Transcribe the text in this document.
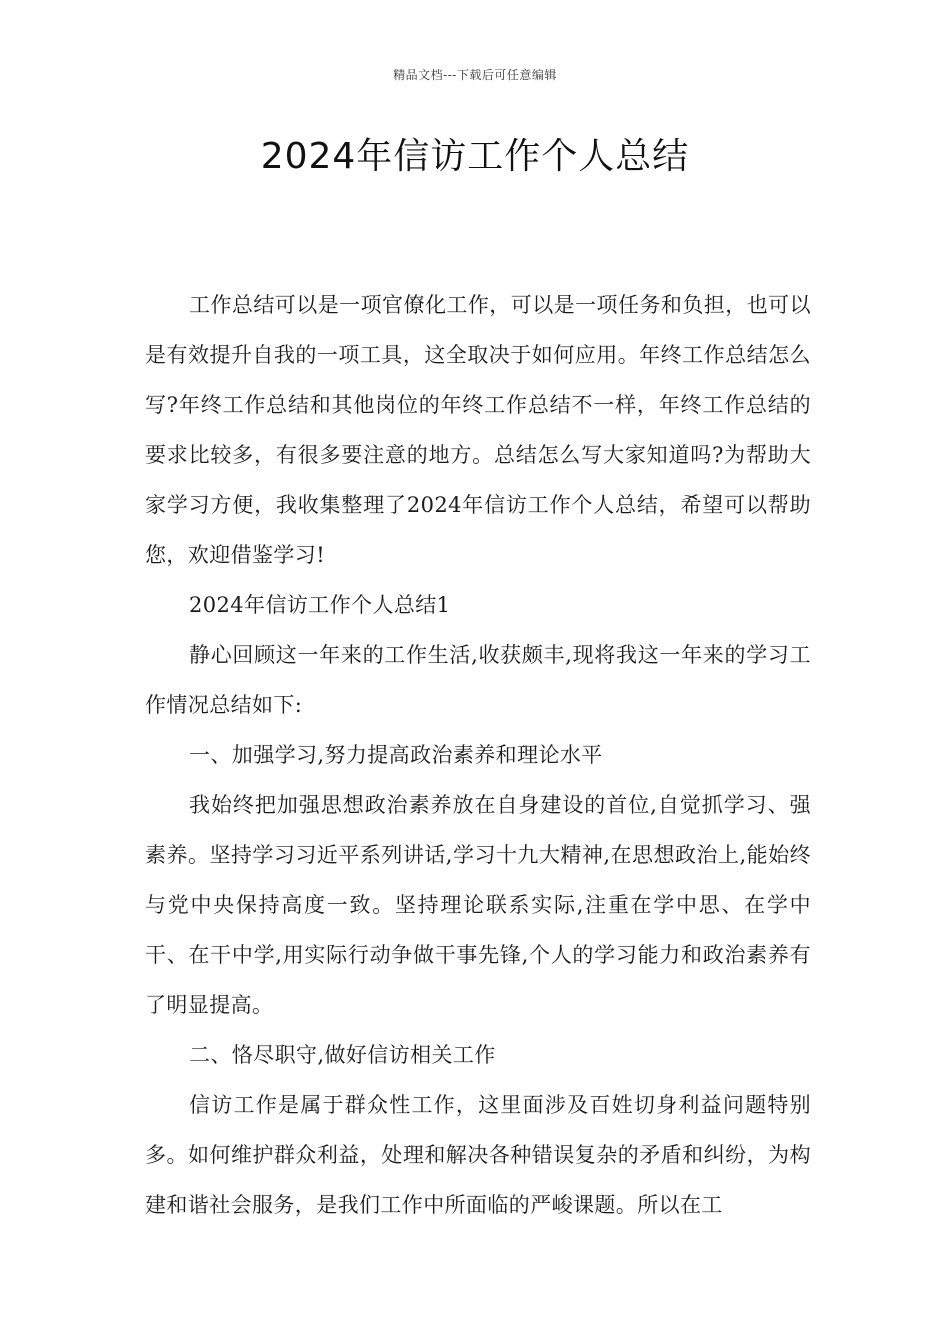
精品文档---下载后可任意编辑
2024年信访工作个人总结

工作总结可以是一项官僚化工作，可以是一项任务和负担，也可以是有效提升自我的一项工具，这全取决于如何应用。年终工作总结怎么写?年终工作总结和其他岗位的年终工作总结不一样，年终工作总结的要求比较多，有很多要注意的地方。总结怎么写大家知道吗?为帮助大家学习方便，我收集整理了2024年信访工作个人总结，希望可以帮助您，欢迎借鉴学习!

2024年信访工作个人总结1

静心回顾这一年来的工作生活,收获颇丰,现将我这一年来的学习工作情况总结如下:

一、加强学习,努力提高政治素养和理论水平

我始终把加强思想政治素养放在自身建设的首位,自觉抓学习、强素养。坚持学习习近平系列讲话,学习十九大精神,在思想政治上,能始终与党中央保持高度一致。坚持理论联系实际,注重在学中思、在学中干、在干中学,用实际行动争做干事先锋,个人的学习能力和政治素养有了明显提高。

二、恪尽职守,做好信访相关工作

信访工作是属于群众性工作，这里面涉及百姓切身利益问题特别多。如何维护群众利益，处理和解决各种错误复杂的矛盾和纠纷，为构建和谐社会服务，是我们工作中所面临的严峻课题。所以在工
